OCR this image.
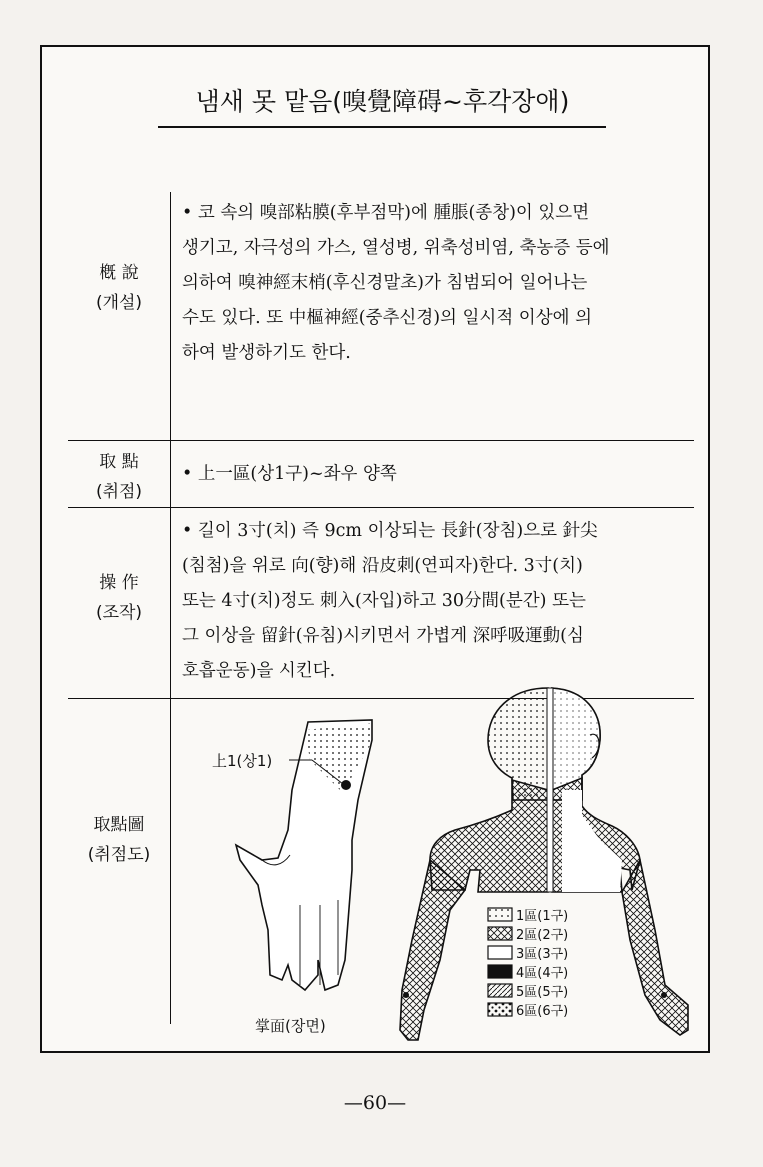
냄새 못 맡음(嗅覺障碍~후각장애)
槪 說
(개설)
取 點
(취점)
操 作
(조작)
取點圖
(취점도)
• 코 속의 嗅部粘膜(후부점막)에 腫脹(종창)이 있으면
생기고, 자극성의 가스, 열성병, 위축성비염, 축농증 등에
의하여 嗅神經末梢(후신경말초)가 침범되어 일어나는
수도 있다. 또 中樞神經(중추신경)의 일시적 이상에 의
하여 발생하기도 한다.
• 上一區(상1구)~좌우 양쪽
• 길이 3寸(치) 즉 9cm 이상되는 長針(장침)으로 針尖
(침첨)을 위로 向(향)해 沿皮刺(연피자)한다. 3寸(치)
또는 4寸(치)정도 刺入(자입)하고 30分間(분간) 또는
그 이상을 留針(유침)시키면서 가볍게 深呼吸運動(심
호흡운동)을 시킨다.
上1(상1)
掌面(장면)
1區(1구)
2區(2구)
3區(3구)
4區(4구)
5區(5구)
6區(6구)
—60—
